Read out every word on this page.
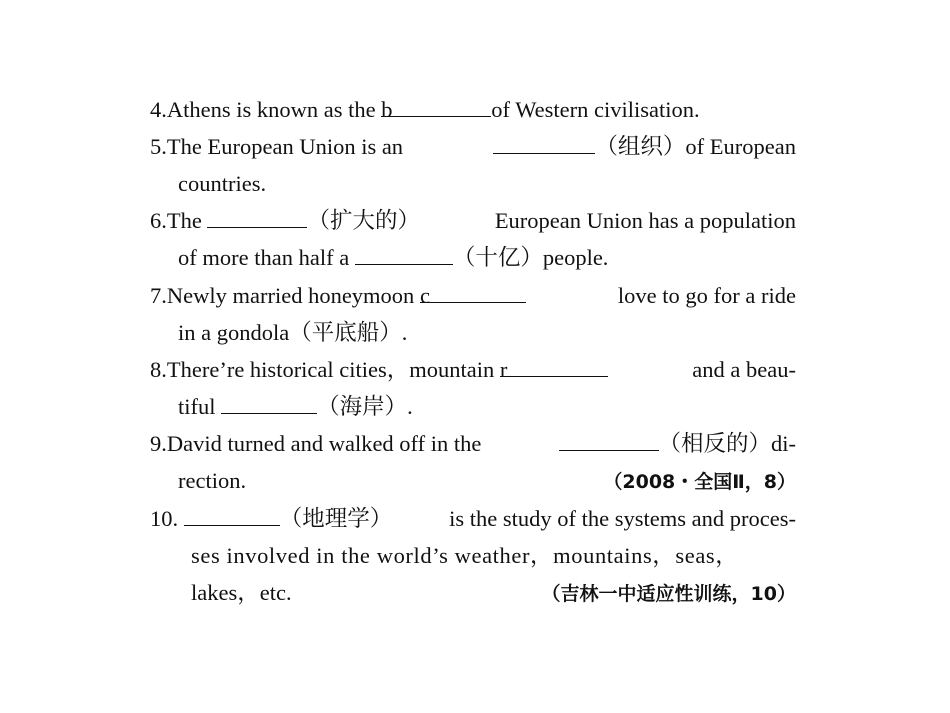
4.Athens is known as the b	of Western civilisation.
5.The European Union is an	（组织）of European
countries.
6.The	（扩大的）	European Union has a population
of more than half a	（十亿）people.
7.Newly married honeymoon c	love to go for a ride
in a gondola（平底船）.
8.There’re historical cities，mountain r	and a beau-
tiful	（海岸）.
9.David turned and walked off in the	（相反的）di-
rection.	（2008・全国Ⅱ，8）
10.	（地理学）	is the study of the systems and proces-
ses involved in the world’s weather，mountains，seas，
lakes，etc.	（吉林一中适应性训练，10）
